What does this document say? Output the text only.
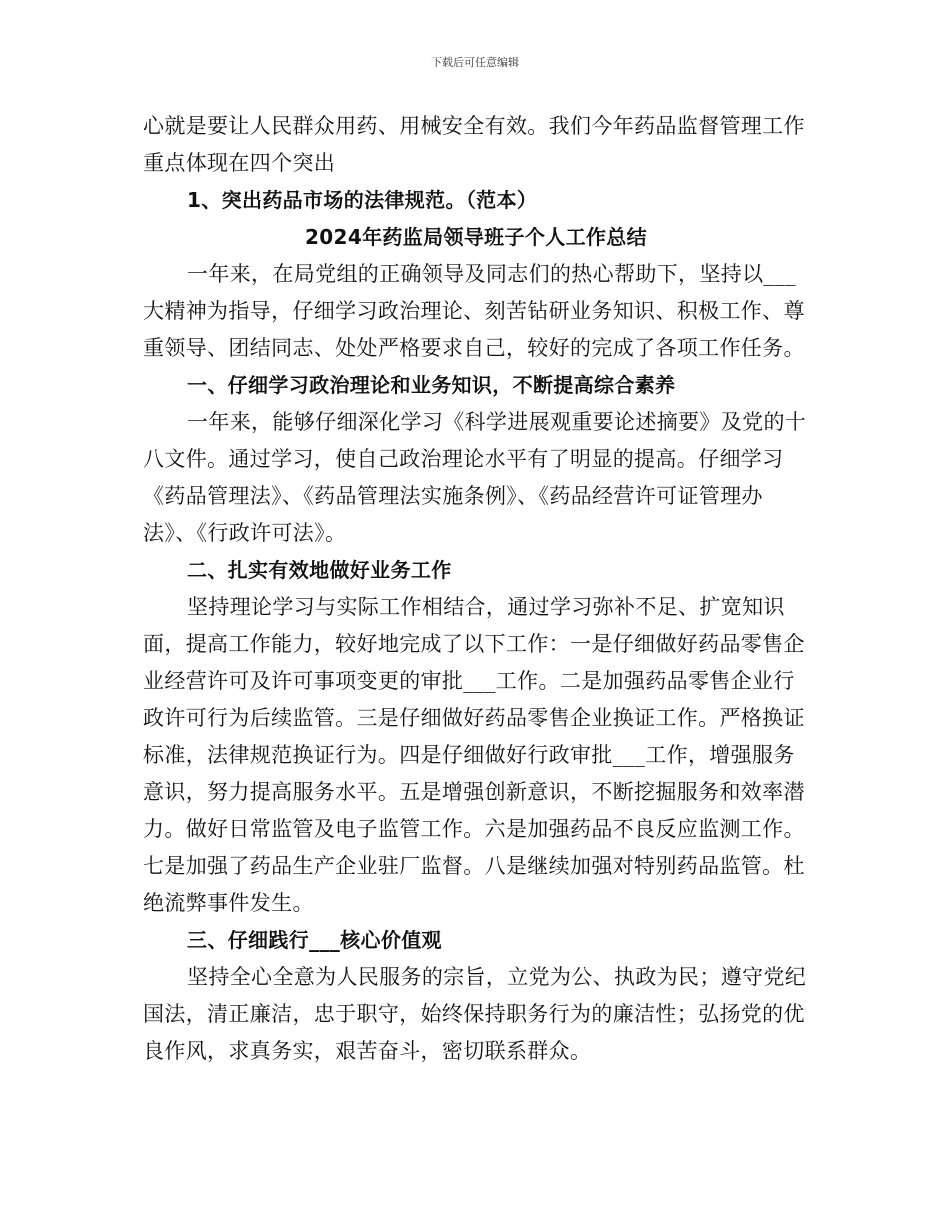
下载后可任意编辑

心就是要让人民群众用药、用械安全有效。我们今年药品监督管理工作重点体现在四个突出

1、突出药品市场的法律规范。（范本）

2024年药监局领导班子个人工作总结

一年来，在局党组的正确领导及同志们的热心帮助下，坚持以___大精神为指导，仔细学习政治理论、刻苦钻研业务知识、积极工作、尊重领导、团结同志、处处严格要求自己，较好的完成了各项工作任务。

一、仔细学习政治理论和业务知识，不断提高综合素养

一年来，能够仔细深化学习《科学进展观重要论述摘要》及党的十八文件。通过学习，使自己政治理论水平有了明显的提高。仔细学习《药品管理法》、《药品管理法实施条例》、《药品经营许可证管理办法》、《行政许可法》。

二、扎实有效地做好业务工作

坚持理论学习与实际工作相结合，通过学习弥补不足、扩宽知识面，提高工作能力，较好地完成了以下工作：一是仔细做好药品零售企业经营许可及许可事项变更的审批___工作。二是加强药品零售企业行政许可行为后续监管。三是仔细做好药品零售企业换证工作。严格换证标准，法律规范换证行为。四是仔细做好行政审批___工作，增强服务意识，努力提高服务水平。五是增强创新意识，不断挖掘服务和效率潜力。做好日常监管及电子监管工作。六是加强药品不良反应监测工作。七是加强了药品生产企业驻厂监督。八是继续加强对特别药品监管。杜绝流弊事件发生。

三、仔细践行___核心价值观

坚持全心全意为人民服务的宗旨，立党为公、执政为民；遵守党纪国法，清正廉洁，忠于职守，始终保持职务行为的廉洁性；弘扬党的优良作风，求真务实，艰苦奋斗，密切联系群众。
